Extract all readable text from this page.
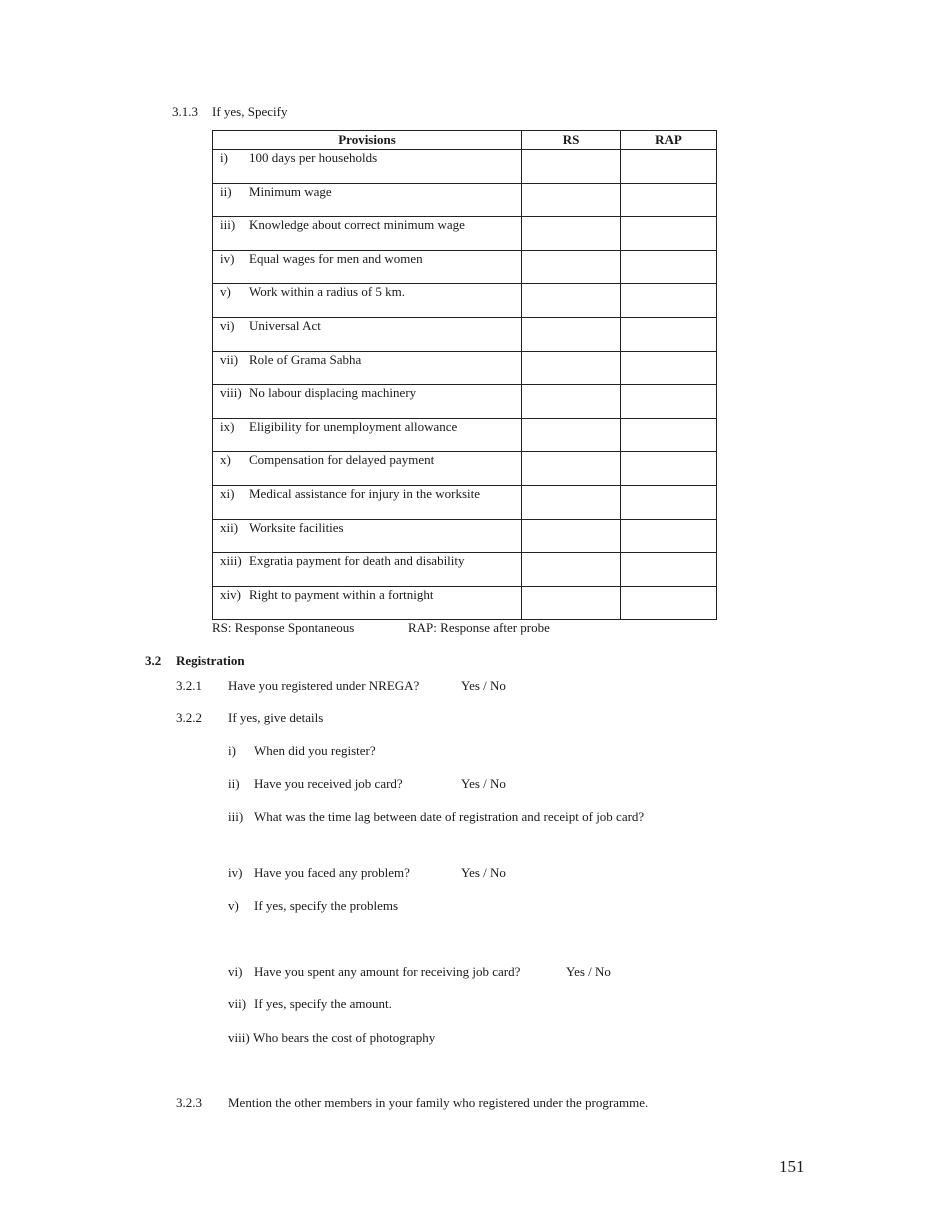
3.1.3 If yes, Specify
Provisions	RS	RAP

i) 100 days per households		

ii) Minimum wage		

iii) Knowledge about correct minimum wage		

iv) Equal wages for men and women		

v) Work within a radius of 5 km.		

vi) Universal Act		

vii) Role of Grama Sabha		

viii) No labour displacing machinery		

ix) Eligibility for unemployment allowance		

x) Compensation for delayed payment		

xi) Medical assistance for injury in the worksite		

xii) Worksite facilities		

xiii) Exgratia payment for death and disability		

xiv) Right to payment within a fortnight		

RS: Response Spontaneous	RAP: Response after probe
3.2 Registration
3.2.1 Have you registered under NREGA?	Yes / No
3.2.2 If yes, give details
i) When did you register?
ii) Have you received job card?	Yes / No
iii) What was the time lag between date of registration and receipt of job card?
iv) Have you faced any problem?	Yes / No
v) If yes, specify the problems
vi) Have you spent any amount for receiving job card?	Yes / No
vii) If yes, specify the amount.
viii) Who bears the cost of photography
3.2.3 Mention the other members in your family who registered under the programme.
151
